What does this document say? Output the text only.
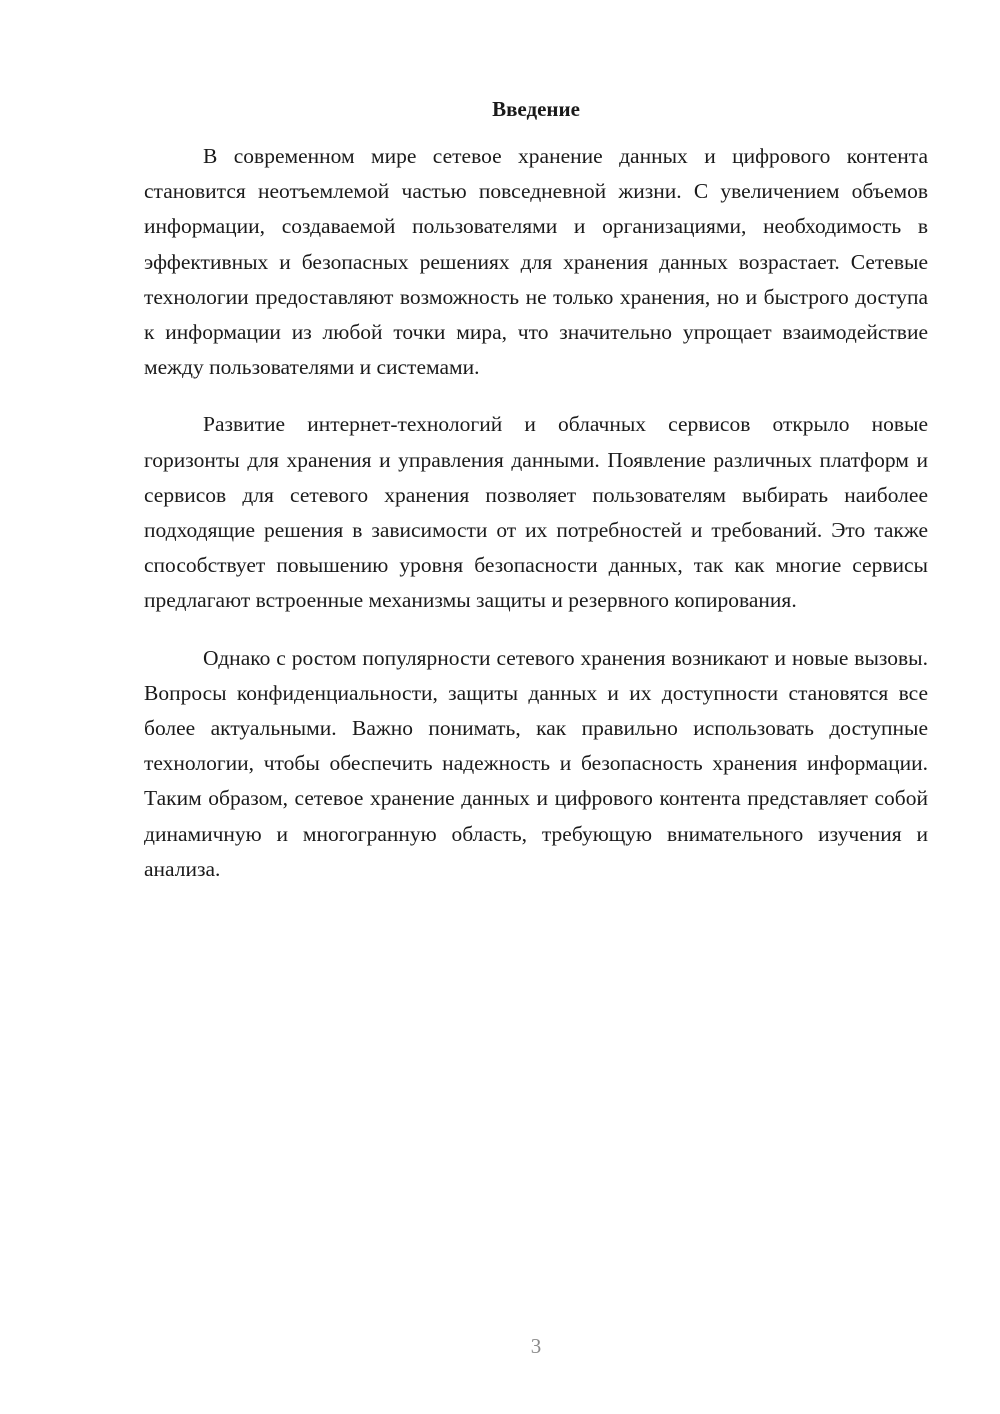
Введение

В современном мире сетевое хранение данных и цифрового контента становится неотъемлемой частью повседневной жизни. С увеличением объемов информации, создаваемой пользователями и организациями, необходимость в эффективных и безопасных решениях для хранения данных возрастает. Сетевые технологии предоставляют возможность не только хранения, но и быстрого доступа к информации из любой точки мира, что значительно упрощает взаимодействие между пользователями и системами.

Развитие интернет-технологий и облачных сервисов открыло новые горизонты для хранения и управления данными. Появление различных платформ и сервисов для сетевого хранения позволяет пользователям выбирать наиболее подходящие решения в зависимости от их потребностей и требований. Это также способствует повышению уровня безопасности данных, так как многие сервисы предлагают встроенные механизмы защиты и резервного копирования.

Однако с ростом популярности сетевого хранения возникают и новые вызовы. Вопросы конфиденциальности, защиты данных и их доступности становятся все более актуальными. Важно понимать, как правильно использовать доступные технологии, чтобы обеспечить надежность и безопасность хранения информации. Таким образом, сетевое хранение данных и цифрового контента представляет собой динамичную и многогранную область, требующую внимательного изучения и анализа.

3
